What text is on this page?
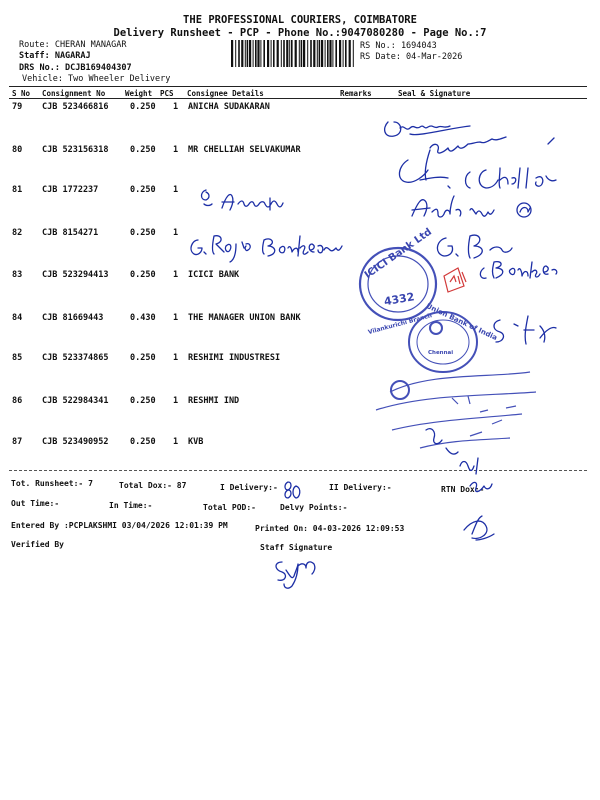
THE PROFESSIONAL COURIERS, COIMBATORE
Delivery Runsheet - PCP - Phone No.:9047080280 - Page No.:7
Route: CHERAN MANAGAR
Staff: NAGARAJ
DRS No.: DCJB169404307
Vehicle: Two Wheeler Delivery
RS No.: 1694043
RS Date: 04-Mar-2026
S No Consignment No	Weight PCS Consignee Details	Remarks	Seal & Signature
79 CJB 523466816	0.250 1 ANICHA SUDAKARAN
80 CJB 523156318	0.250 1 MR CHELLIAH SELVAKUMAR
81 CJB 1772237	0.250 1
82 CJB 8154271	0.250 1
83 CJB 523294413	0.250 1 ICICI BANK
84 CJB 81669443	0.430 1 THE MANAGER UNION BANK
85 CJB 523374865	0.250 1 RESHIMI INDUSTRESI
86 CJB 522984341	0.250 1 RESHMI IND
87 CJB 523490952	0.250 1 KVB
Tot. Runsheet:- 7	Total Dox:- 87	I Delivery:-	II Delivery:-	RTN Dox:-
Out Time:-	In Time:-	Total POD:-	Delvy Points:-
Entered By :PCPLAKSHMI 03/04/2026 12:01:39 PM	Printed On: 04-03-2026 12:09:53
Verified By	Staff Signature
ICICI Bank Ltd
4332
Vilankurichi Branch
Union Bank of India
Chennai
